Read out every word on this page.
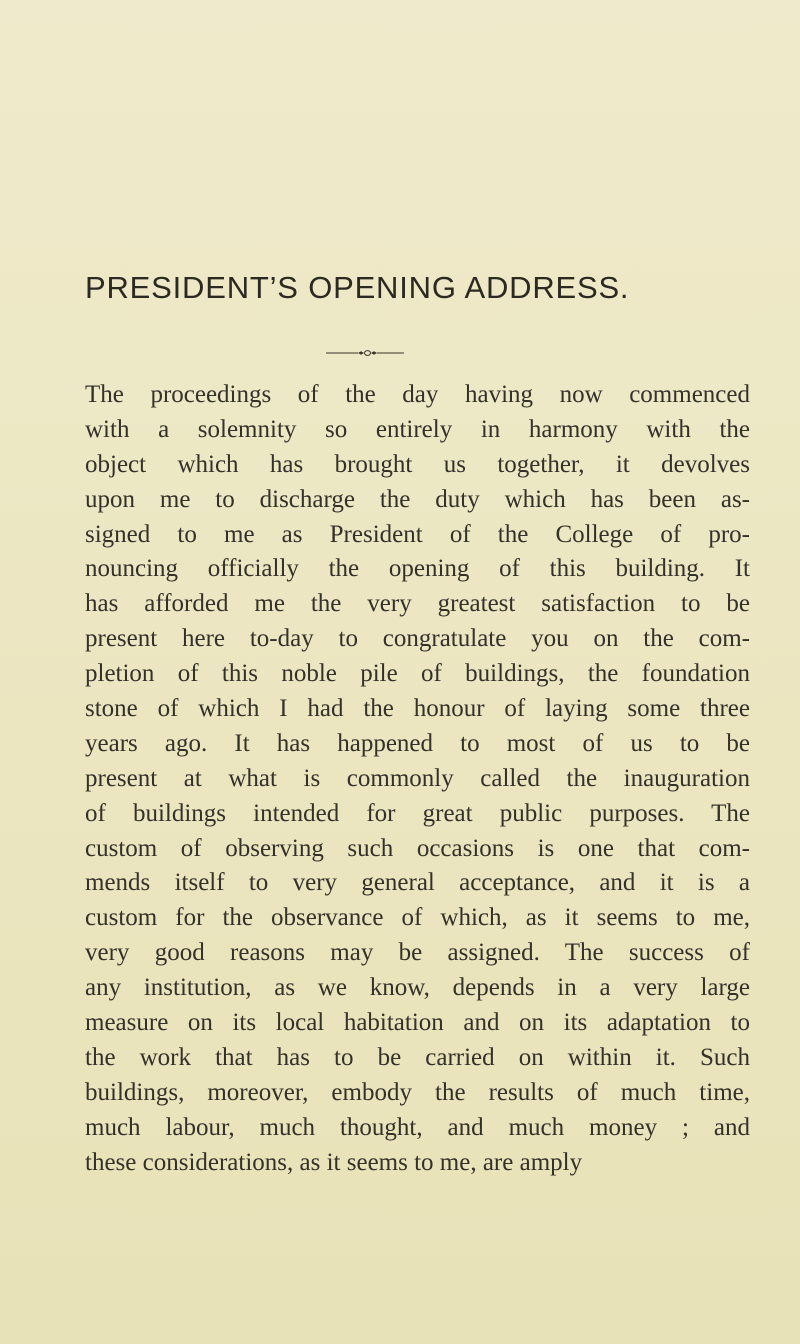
PRESIDENT’S OPENING ADDRESS.
The proceedings of the day having now commenced
with a solemnity so entirely in harmony with the
object which has brought us together, it devolves
upon me to discharge the duty which has been as-
signed to me as President of the College of pro-
nouncing officially the opening of this building. It
has afforded me the very greatest satisfaction to be
present here to-day to congratulate you on the com-
pletion of this noble pile of buildings, the foundation
stone of which I had the honour of laying some three
years ago. It has happened to most of us to be
present at what is commonly called the inauguration
of buildings intended for great public purposes. The
custom of observing such occasions is one that com-
mends itself to very general acceptance, and it is a
custom for the observance of which, as it seems to me,
very good reasons may be assigned. The success of
any institution, as we know, depends in a very large
measure on its local habitation and on its adaptation to
the work that has to be carried on within it. Such
buildings, moreover, embody the results of much time,
much labour, much thought, and much money ; and
these considerations, as it seems to me, are amply
